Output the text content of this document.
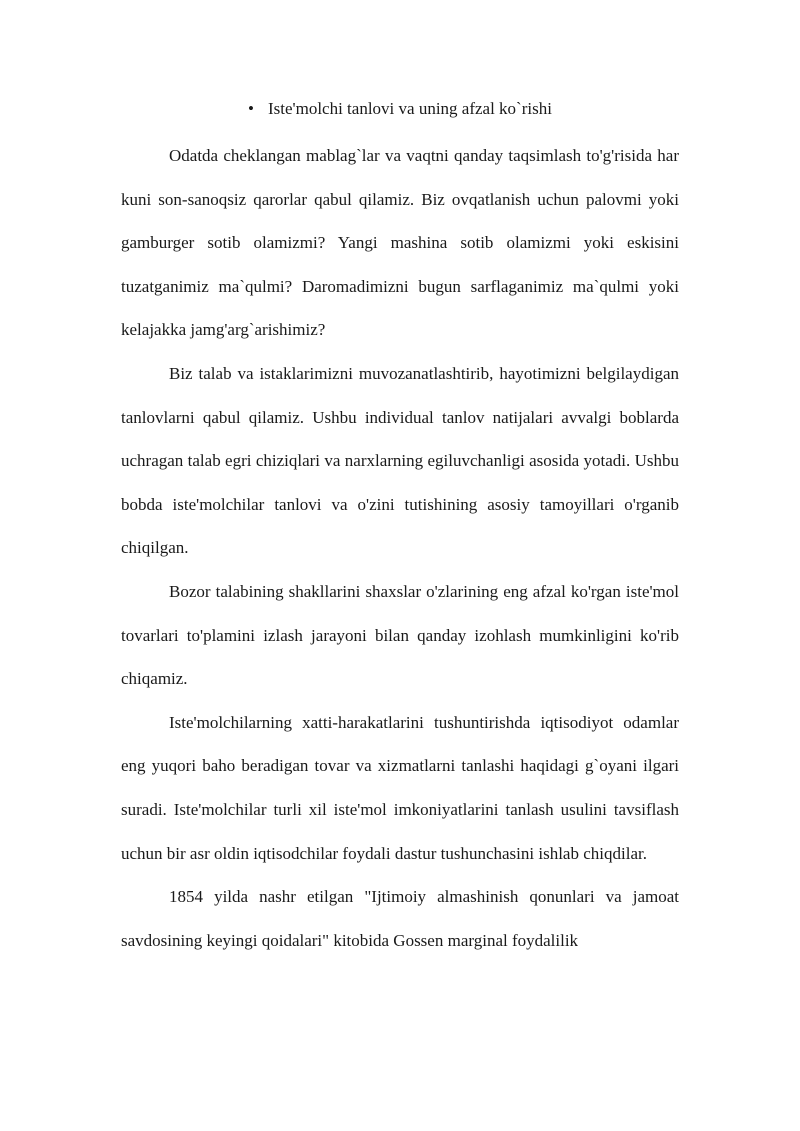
• Iste'molchi tanlovi va uning afzal ko`rishi

Odatda cheklangan mablag`lar va vaqtni qanday taqsimlash to'g'risida har kuni son-sanoqsiz qarorlar qabul qilamiz. Biz ovqatlanish uchun palovmi yoki gamburger sotib olamizmi? Yangi mashina sotib olamizmi yoki eskisini tuzatganimiz ma`qulmi? Daromadimizni bugun sarflaganimiz ma`qulmi yoki kelajakka jamg'arg`arishimiz?

Biz talab va istaklarimizni muvozanatlashtirib, hayotimizni belgilaydigan tanlovlarni qabul qilamiz. Ushbu individual tanlov natijalari avvalgi boblarda uchragan talab egri chiziqlari va narxlarning egiluvchanligi asosida yotadi. Ushbu bobda iste'molchilar tanlovi va o'zini tutishining asosiy tamoyillari o'rganib chiqilgan.

Bozor talabining shakllarini shaxslar o'zlarining eng afzal ko'rgan iste'mol tovarlari to'plamini izlash jarayoni bilan qanday izohlash mumkinligini ko'rib chiqamiz.

Iste'molchilarning xatti-harakatlarini tushuntirishda iqtisodiyot odamlar eng yuqori baho beradigan tovar va xizmatlarni tanlashi haqidagi g`oyani ilgari suradi. Iste'molchilar turli xil iste'mol imkoniyatlarini tanlash usulini tavsiflash uchun bir asr oldin iqtisodchilar foydali dastur tushunchasini ishlab chiqdilar.

1854 yilda nashr etilgan "Ijtimoiy almashinish qonunlari va jamoat savdosining keyingi qoidalari" kitobida Gossen marginal foydalilik
